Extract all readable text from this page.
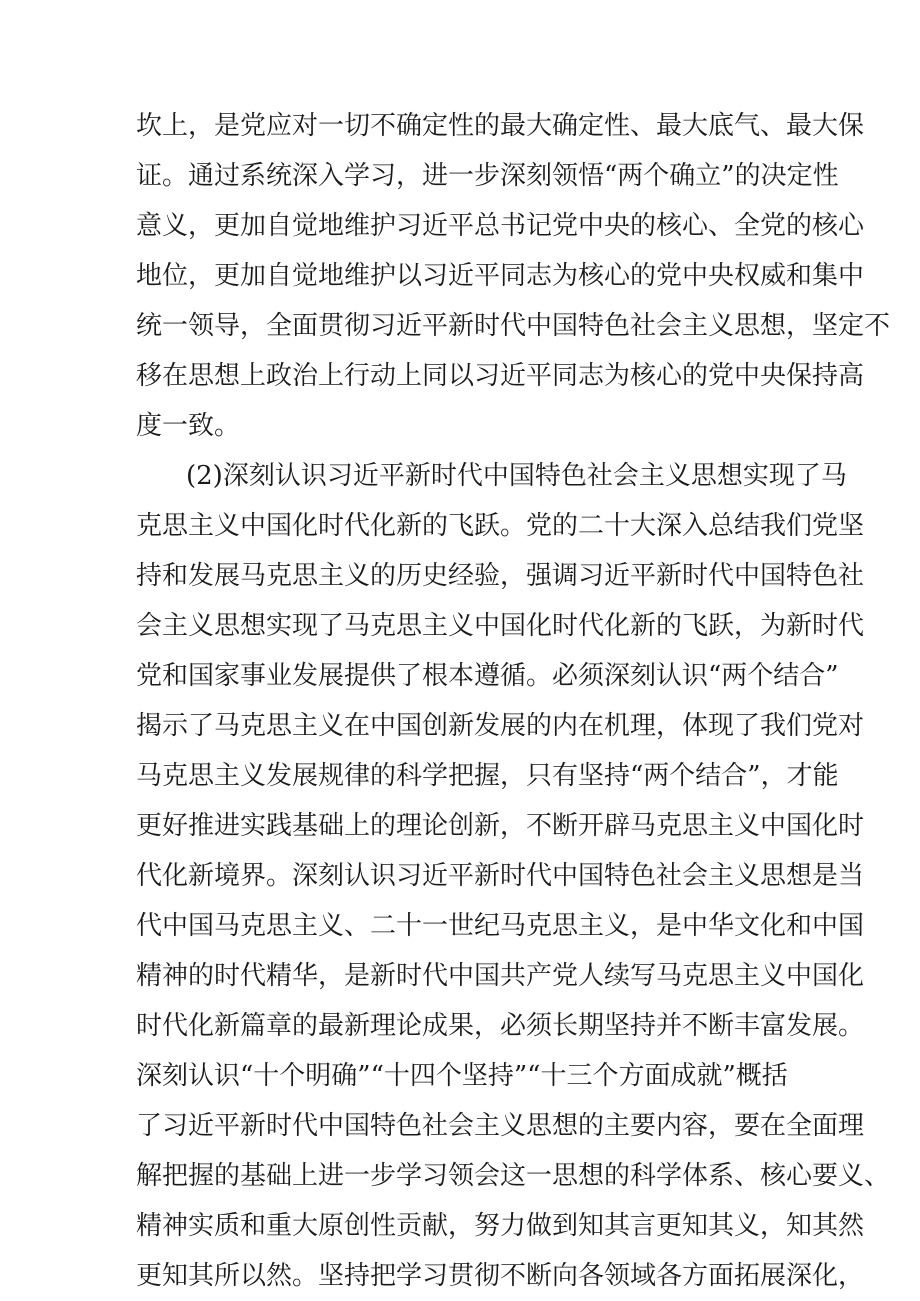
坎上，是党应对一切不确定性的最大确定性、最大底气、最大保
证。通过系统深入学习，进一步深刻领悟“两个确立”的决定性
意义，更加自觉地维护习近平总书记党中央的核心、全党的核心
地位，更加自觉地维护以习近平同志为核心的党中央权威和集中
统一领导，全面贯彻习近平新时代中国特色社会主义思想，坚定不
移在思想上政治上行动上同以习近平同志为核心的党中央保持高
度一致。
(2)深刻认识习近平新时代中国特色社会主义思想实现了马
克思主义中国化时代化新的飞跃。党的二十大深入总结我们党坚
持和发展马克思主义的历史经验，强调习近平新时代中国特色社
会主义思想实现了马克思主义中国化时代化新的飞跃，为新时代
党和国家事业发展提供了根本遵循。必须深刻认识“两个结合”
揭示了马克思主义在中国创新发展的内在机理，体现了我们党对
马克思主义发展规律的科学把握，只有坚持“两个结合”，才能
更好推进实践基础上的理论创新，不断开辟马克思主义中国化时
代化新境界。深刻认识习近平新时代中国特色社会主义思想是当
代中国马克思主义、二十一世纪马克思主义，是中华文化和中国
精神的时代精华，是新时代中国共产党人续写马克思主义中国化
时代化新篇章的最新理论成果，必须长期坚持并不断丰富发展。
深刻认识“十个明确”“十四个坚持”“十三个方面成就”概括
了习近平新时代中国特色社会主义思想的主要内容，要在全面理
解把握的基础上进一步学习领会这一思想的科学体系、核心要义、
精神实质和重大原创性贡献，努力做到知其言更知其义，知其然
更知其所以然。坚持把学习贯彻不断向各领域各方面拓展深化，
